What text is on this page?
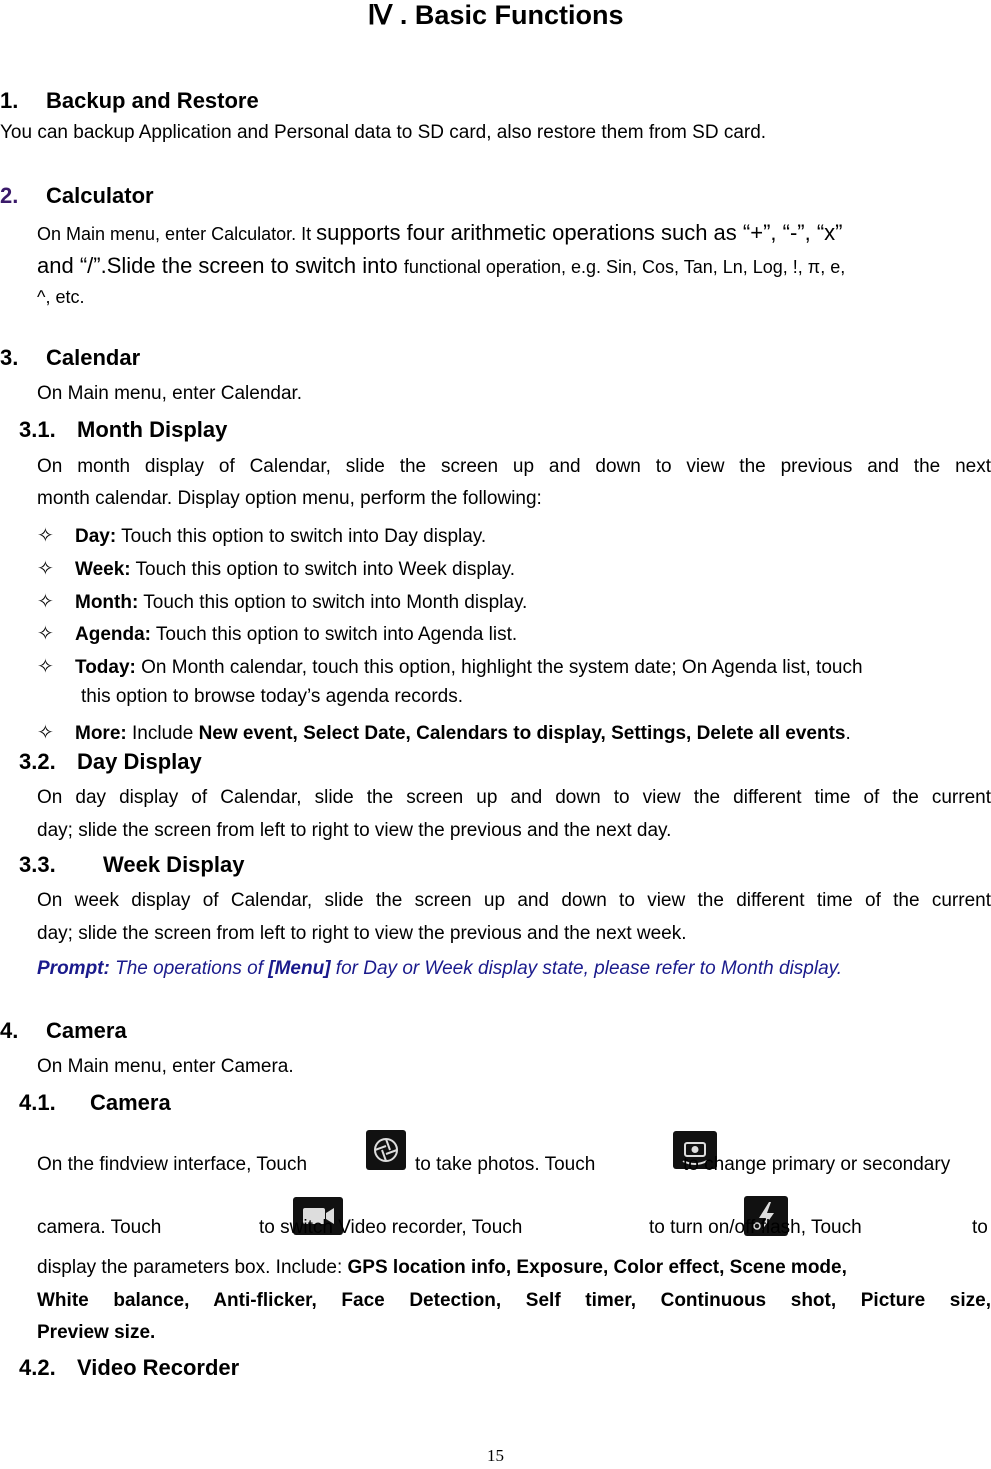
Ⅳ . Basic Functions
1. Backup and Restore
You can backup Application and Personal data to SD card, also restore them from SD card.
2. Calculator
On Main menu, enter Calculator. It supports four arithmetic operations such as “+”, “-”, “x”
and “/”.Slide the screen to switch into functional operation, e.g. Sin, Cos, Tan, Ln, Log, !, π, e,
^, etc.
3. Calendar
On Main menu, enter Calendar.
3.1. Month Display
On month display of Calendar, slide the screen up and down to view the previous and the next
month calendar. Display option menu, perform the following:
✧ Day: Touch this option to switch into Day display.
✧ Week: Touch this option to switch into Week display.
✧ Month: Touch this option to switch into Month display.
✧ Agenda: Touch this option to switch into Agenda list.
✧ Today: On Month calendar, touch this option, highlight the system date; On Agenda list, touch
this option to browse today’s agenda records.
✧ More: Include New event, Select Date, Calendars to display, Settings, Delete all events.
3.2. Day Display
On day display of Calendar, slide the screen up and down to view the different time of the current
day; slide the screen from left to right to view the previous and the next day.
3.3. Week Display
On week display of Calendar, slide the screen up and down to view the different time of the current
day; slide the screen from left to right to view the previous and the next week.
Prompt: The operations of [Menu] for Day or Week display state, please refer to Month display.
4. Camera
On Main menu, enter Camera.
4.1. Camera
On the findview interface, Touch
	to take photos. Touch
	to change primary or secondary
camera. Touch
	to switch Video recorder, Touch
	to turn on/off flash, Touch	to
display the parameters box. Include: GPS location info, Exposure, Color effect, Scene mode,
White balance, Anti-flicker, Face Detection, Self timer, Continuous shot, Picture size,
Preview size.
4.2. Video Recorder
15
